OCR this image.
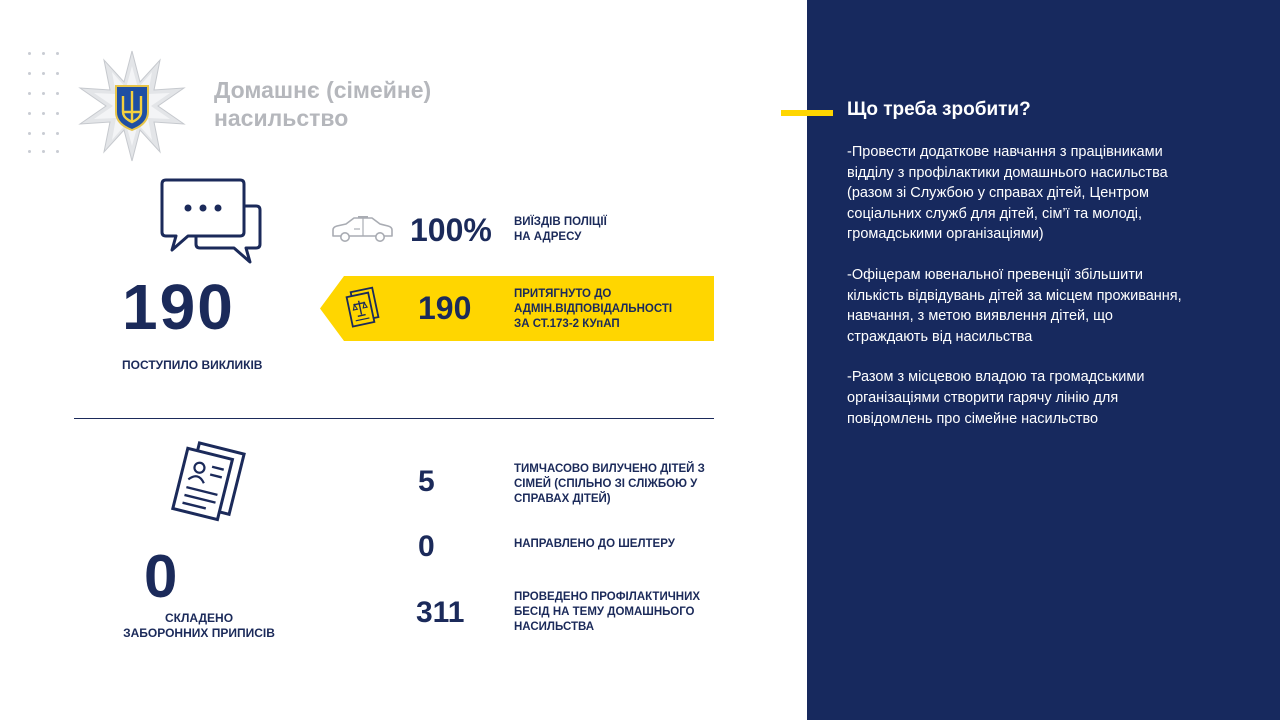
Домашнє (сімейне)
насильство
190
ПОСТУПИЛО ВИКЛИКІВ
100% ВИЇЗДІВ ПОЛІЦІЇ
НА АДРЕСУ
190	ПРИТЯГНУТО ДО
АДМІН.ВІДПОВІДАЛЬНОСТІ
ЗА СТ.173-2 КУпАП
0
СКЛАДЕНО
ЗАБОРОННИХ ПРИПИСІВ
5	ТИМЧАСОВО ВИЛУЧЕНО ДІТЕЙ З
СІМЕЙ (СПІЛЬНО ЗІ СЛІЖБОЮ У
СПРАВАХ ДІТЕЙ)
0	НАПРАВЛЕНО ДО ШЕЛТЕРУ
311	ПРОВЕДЕНО ПРОФІЛАКТИЧНИХ
БЕСІД НА ТЕМУ ДОМАШНЬОГО
НАСИЛЬСТВА
Що треба зробити?

-Провести додаткове навчання з працівниками відділу з профілактики домашнього насильства (разом зі Службою у справах дітей, Центром соціальних служб для дітей, сім’ї та молоді, громадськими організаціями)

-Офіцерам ювенальної превенції збільшити кількість відвідувань дітей за місцем проживання, навчання, з метою виявлення дітей, що страждають від насильства

-Разом з місцевою владою та громадськими організаціями створити гарячу лінію для повідомлень про сімейне насильство
